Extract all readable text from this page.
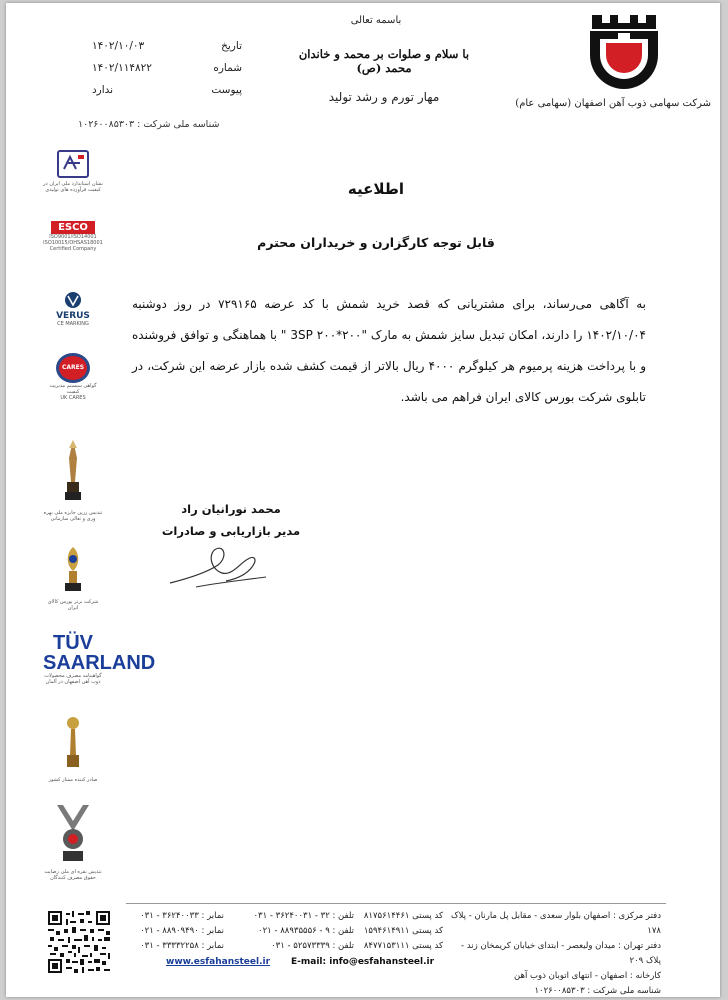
باسمه تعالی
با سلام و صلوات بر محمد و خاندان محمد (ص)
مهار تورم و رشد تولید
تاریخ
۱۴۰۲/۱۰/۰۳
شماره
۱۴۰۲/۱۱۴۸۲۲
پیوست
ندارد
شناسه ملی شرکت : ۱۰۲۶۰۰۸۵۳۰۳
شرکت سهامی ذوب آهن اصفهان (سهامی عام)
نشان استاندارد ملی ایران در کیفیت فرآورده های تولیدی
ESCO
ISO9001/ISO14001
ISO10015/OHSAS18001
Certified Company
VERUS
CE MARKING
CARES
گواهی سیستم مدیریت کیفیت
UK CARES
تندیس زرین جایزه ملی بهره وری و تعالی سازمانی
شرکت برتر بورس کالای ایران
TÜV SAARLAND
گواهینامه مصرف محصولات ذوب آهن اصفهان در آلمان
صادر کننده ممتاز کشور
تندیس نقره ای ملی رضایت حقوق مصرف کنندگان
اطلاعیه
قابل توجه کارگزارن و خریداران محترم
به آگاهی می‌رساند، برای مشتریانی که قصد خرید شمش با کد عرضه ۷۲۹۱۶۵ در روز دوشنبه ۱۴۰۲/۱۰/۰۴ را دارند، امکان تبدیل سایز شمش به مارک "۲۰۰*۲۰۰ 3SP " با هماهنگی و توافق فروشنده و با پرداخت هزینه پرمیوم هر کیلوگرم ۴۰۰۰ ریال بالاتر از قیمت کشف شده بازار عرضه این شرکت، در تابلوی شرکت بورس کالای ایران فراهم می باشد.
محمد نورانیان راد
مدیر بازاریابی و صادرات
دفتر مرکزی : اصفهان بلوار سعدی - مقابل پل مارنان - پلاک ۱۷۸
دفتر تهران : میدان ولیعصر - ابتدای خیابان کریمخان زند - پلاک ۲۰۹
کارخانه : اصفهان - انتهای اتوبان ذوب آهن
شناسه ملی شرکت : ۱۰۲۶۰۰۸۵۳۰۳
کد پستی ۸۱۷۵۶۱۴۴۶۱
کد پستی ۱۵۹۴۶۱۴۹۱۱
کد پستی ۸۴۷۷۱۵۳۱۱۱
تلفن : ۳۲ - ۳۶۲۴۰۰۳۱ - ۰۳۱
تلفن : ۹ - ۸۸۹۳۵۵۵۶ - ۰۲۱
تلفن : ۵۲۵۷۳۳۳۹ - ۰۳۱
نمابر : ۳۶۲۴۰۰۳۳ - ۰۳۱
نمابر : ۸۸۹۰۹۴۹۰ - ۰۲۱
نمابر : ۳۳۳۳۲۲۵۸ - ۰۳۱
www.esfahansteel.ir E-mail: info@esfahansteel.ir
